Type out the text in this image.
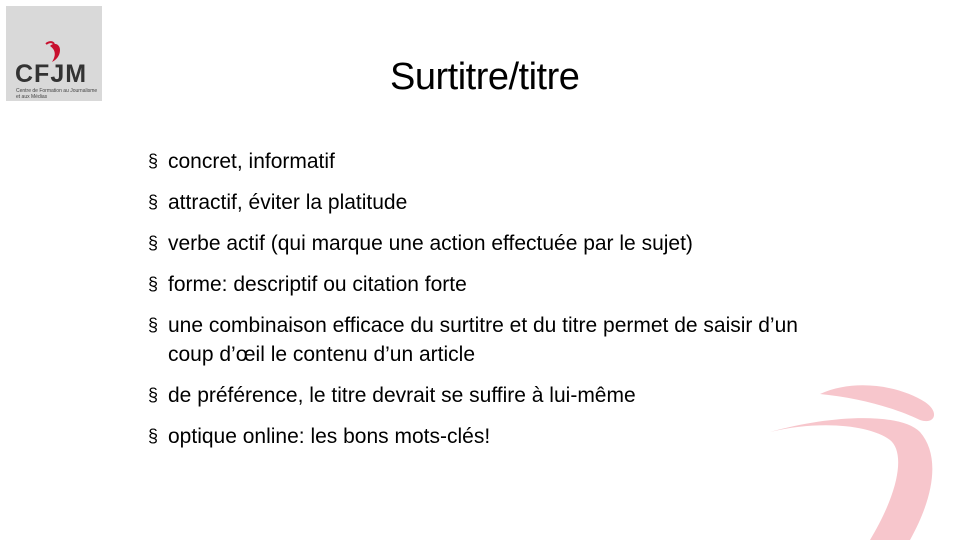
CFJM
Centre de Formation au Journalisme et aux Médias	Surtitre/titre
§ concret, informatif
§ attractif, éviter la platitude
§ verbe actif (qui marque une action effectuée par le sujet)
§ forme: descriptif ou citation forte
§ une combinaison efficace du surtitre et du titre permet de saisir d’un coup d’œil le contenu d’un article
§ de préférence, le titre devrait se suffire à lui-même
§ optique online: les bons mots-clés!
